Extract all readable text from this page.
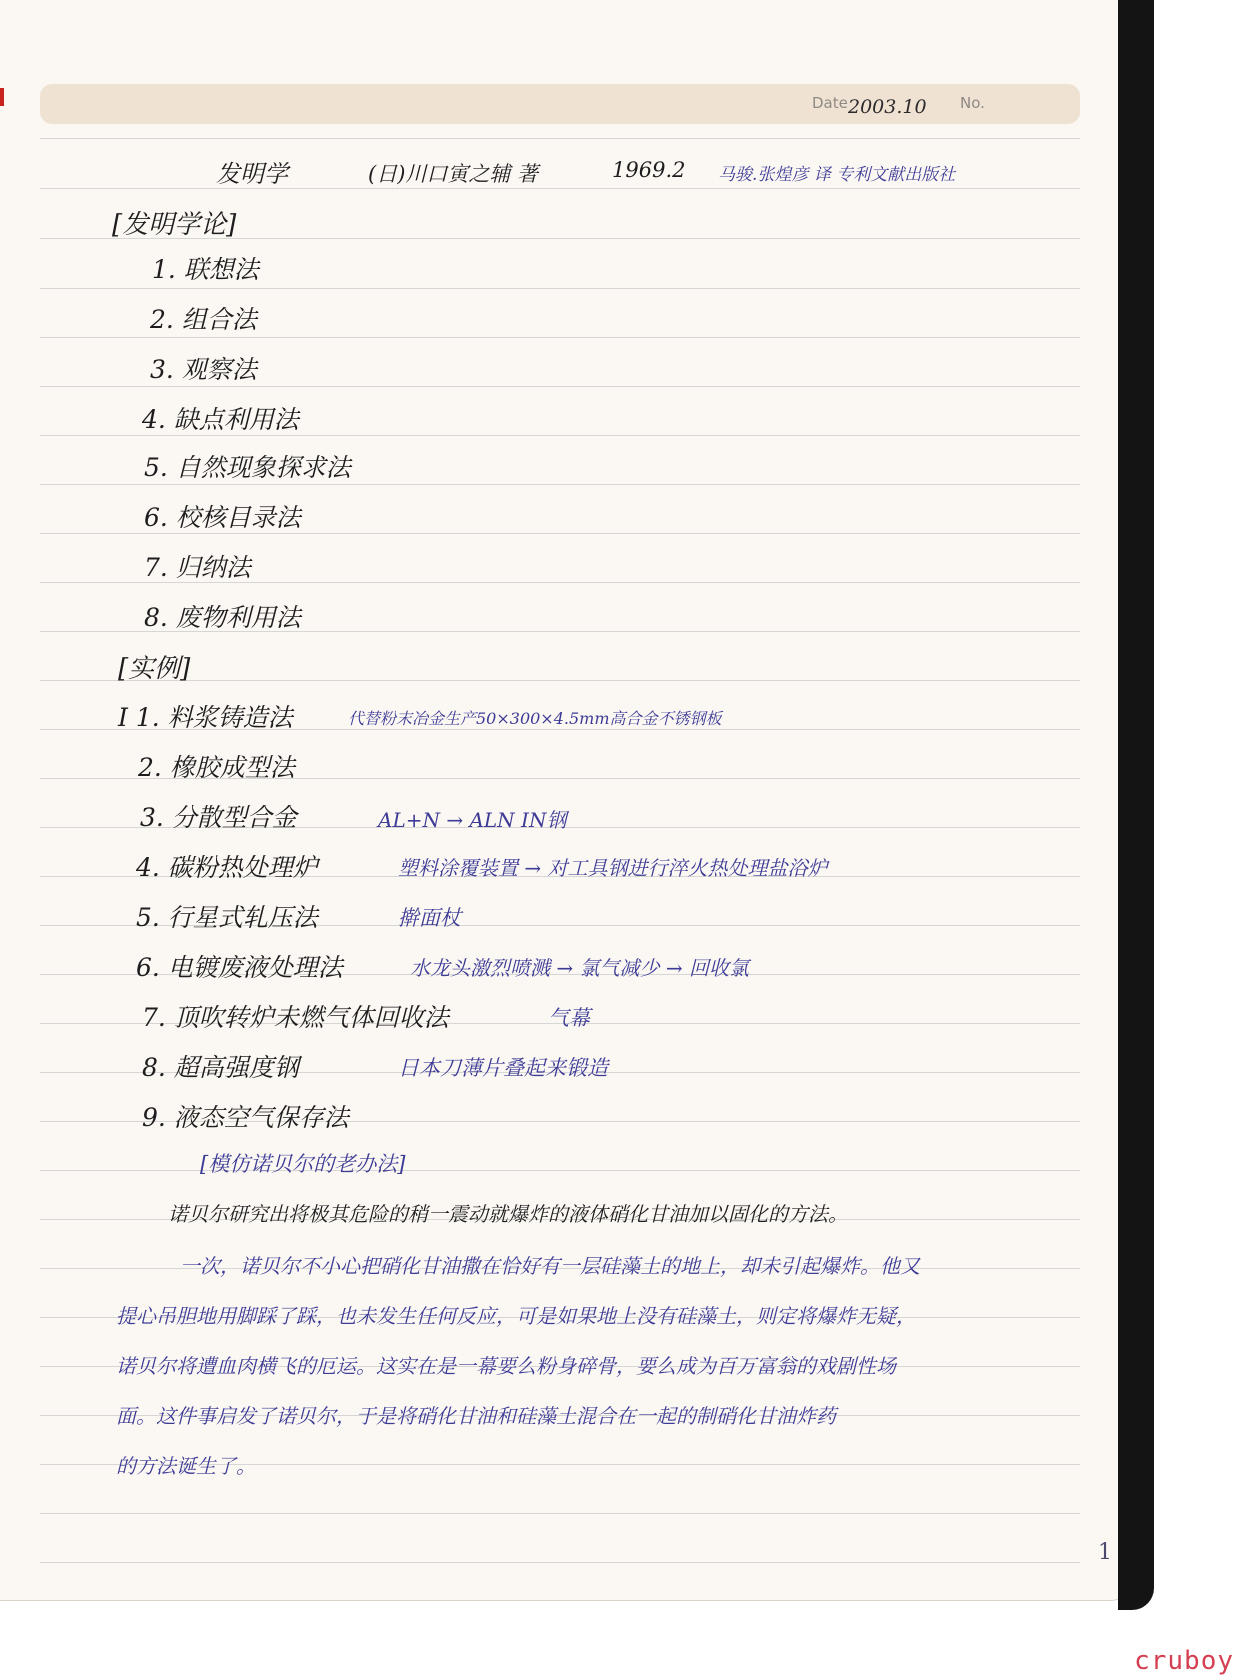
Date 2003.10 No.
发明学	(日)川口寅之辅 著	1969.2 马骏.张煌彦 译 专利文献出版社
[发明学论]
1. 联想法
2. 组合法
3. 观察法
4. 缺点利用法
5. 自然现象探求法
6. 校核目录法
7. 归纳法
8. 废物利用法
[实例]
I 1. 料浆铸造法	代替粉末冶金生产50×300×4.5mm高合金不锈钢板
2. 橡胶成型法
3. 分散型合金	AL+N → ALN IN钢
4. 碳粉热处理炉	塑料涂覆装置 → 对工具钢进行淬火热处理盐浴炉
5. 行星式轧压法	擀面杖
6. 电镀废液处理法	水龙头激烈喷溅 → 氯气减少 → 回收氯
7. 顶吹转炉未燃气体回收法	气幕
8. 超高强度钢	日本刀薄片叠起来锻造
9. 液态空气保存法
[模仿诺贝尔的老办法]
诺贝尔研究出将极其危险的稍一震动就爆炸的液体硝化甘油加以固化的方法。
一次，诺贝尔不小心把硝化甘油撒在恰好有一层硅藻土的地上，却未引起爆炸。他又
提心吊胆地用脚踩了踩，也未发生任何反应，可是如果地上没有硅藻土，则定将爆炸无疑，
诺贝尔将遭血肉横飞的厄运。这实在是一幕要么粉身碎骨，要么成为百万富翁的戏剧性场
面。这件事启发了诺贝尔，于是将硝化甘油和硅藻土混合在一起的制硝化甘油炸药
的方法诞生了。
1
cruboy
